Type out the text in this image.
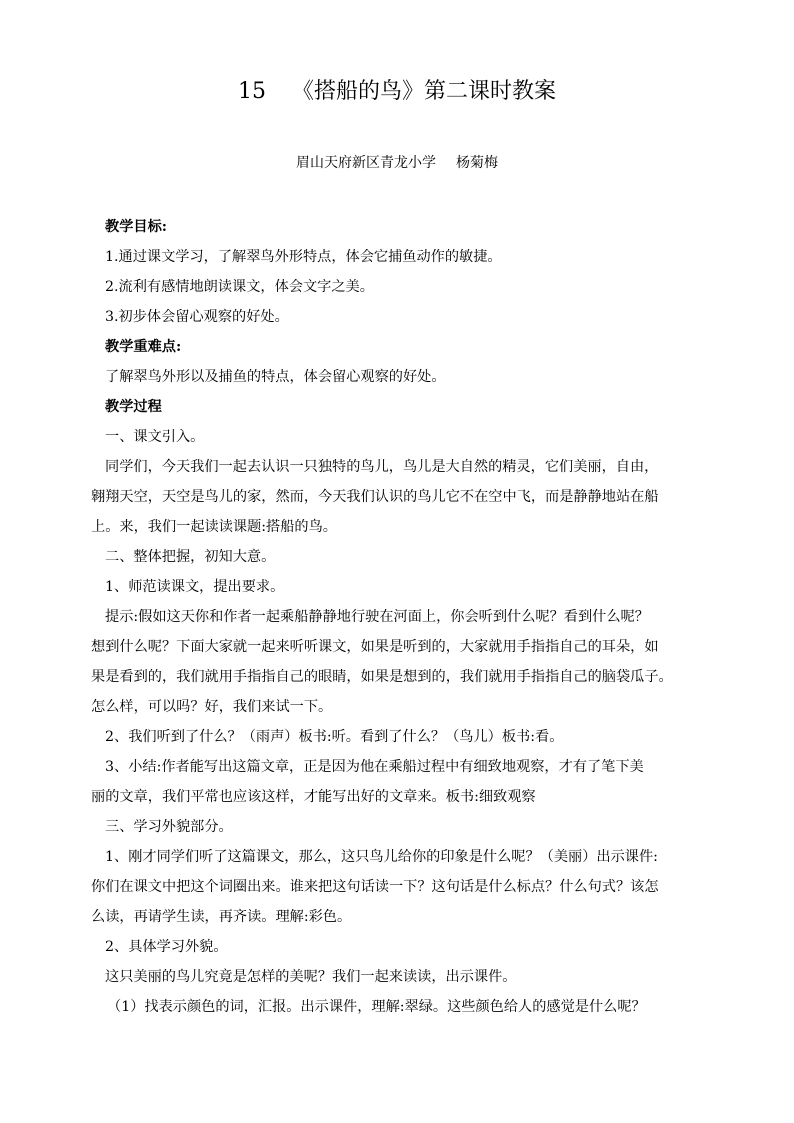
15 《搭船的鸟》第二课时教案
眉山天府新区青龙小学 杨菊梅
教学目标:
1.通过课文学习，了解翠鸟外形特点，体会它捕鱼动作的敏捷。
2.流利有感情地朗读课文，体会文字之美。
3.初步体会留心观察的好处。
教学重难点:
了解翠鸟外形以及捕鱼的特点，体会留心观察的好处。
教学过程
一、课文引入。
同学们，今天我们一起去认识一只独特的鸟儿，鸟儿是大自然的精灵，它们美丽，自由，
翱翔天空，天空是鸟儿的家，然而，今天我们认识的鸟儿它不在空中飞，而是静静地站在船
上。来，我们一起读读课题:搭船的鸟。
二、整体把握，初知大意。
1、师范读课文，提出要求。
提示:假如这天你和作者一起乘船静静地行驶在河面上，你会听到什么呢？看到什么呢？
想到什么呢？下面大家就一起来听听课文，如果是听到的，大家就用手指指自己的耳朵，如
果是看到的，我们就用手指指自己的眼睛，如果是想到的，我们就用手指指自己的脑袋瓜子。
怎么样，可以吗？好，我们来试一下。
2、我们听到了什么？（雨声）板书:听。看到了什么？（鸟儿）板书:看。
3、小结:作者能写出这篇文章，正是因为他在乘船过程中有细致地观察，才有了笔下美
丽的文章，我们平常也应该这样，才能写出好的文章来。板书:细致观察
三、学习外貌部分。
1、刚才同学们听了这篇课文，那么，这只鸟儿给你的印象是什么呢？（美丽）出示课件:
你们在课文中把这个词圈出来。谁来把这句话读一下？这句话是什么标点？什么句式？该怎
么读，再请学生读，再齐读。理解:彩色。
2、具体学习外貌。
这只美丽的鸟儿究竟是怎样的美呢？我们一起来读读，出示课件。
（1）找表示颜色的词，汇报。出示课件，理解:翠绿。这些颜色给人的感觉是什么呢？
